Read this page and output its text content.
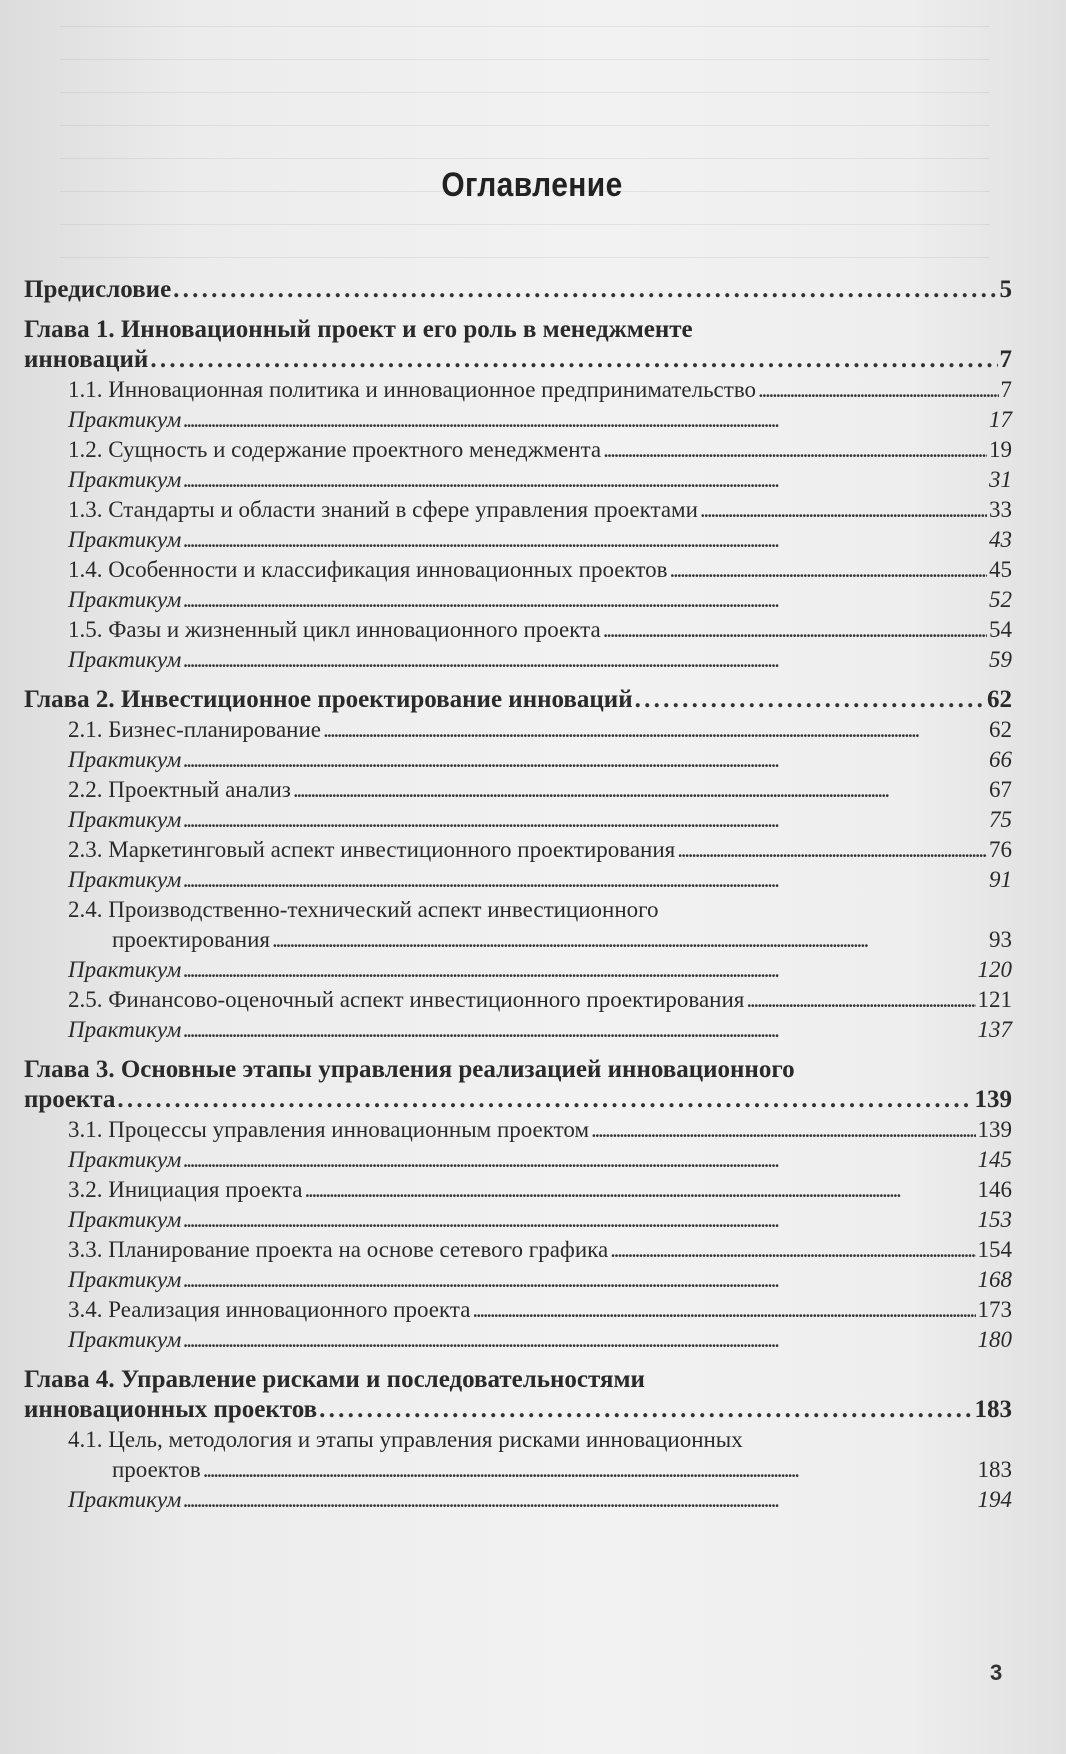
Оглавление
Предисловие . . .	5
Глава 1. Инновационный проект и его роль в менеджменте
инноваций . . .	7
1.1. Инновационная политика и инновационное предпринимательство . . .	7
Практикум . . .	17
1.2. Сущность и содержание проектного менеджмента . . .	19
Практикум . . .	31
1.3. Стандарты и области знаний в сфере управления проектами . . .	33
Практикум . . .	43
1.4. Особенности и классификация инновационных проектов . . .	45
Практикум . . .	52
1.5. Фазы и жизненный цикл инновационного проекта . . .	54
Практикум . . .	59
Глава 2. Инвестиционное проектирование инноваций . . .	62
2.1. Бизнес-планирование . . .	62
Практикум . . .	66
2.2. Проектный анализ . . .	67
Практикум . . .	75
2.3. Маркетинговый аспект инвестиционного проектирования . . .	76
Практикум . . .	91
2.4. Производственно-технический аспект инвестиционного
проектирования . . .	93
Практикум . . .	120
2.5. Финансово-оценочный аспект инвестиционного проектирования . . .	121
Практикум . . .	137
Глава 3. Основные этапы управления реализацией инновационного
проекта . . .	139
3.1. Процессы управления инновационным проектом . . .	139
Практикум . . .	145
3.2. Инициация проекта . . .	146
Практикум . . .	153
3.3. Планирование проекта на основе сетевого графика . . .	154
Практикум . . .	168
3.4. Реализация инновационного проекта . . .	173
Практикум . . .	180
Глава 4. Управление рисками и последовательностями
инновационных проектов . . .	183
4.1. Цель, методология и этапы управления рисками инновационных
проектов . . .	183
Практикум . . .	194
3
